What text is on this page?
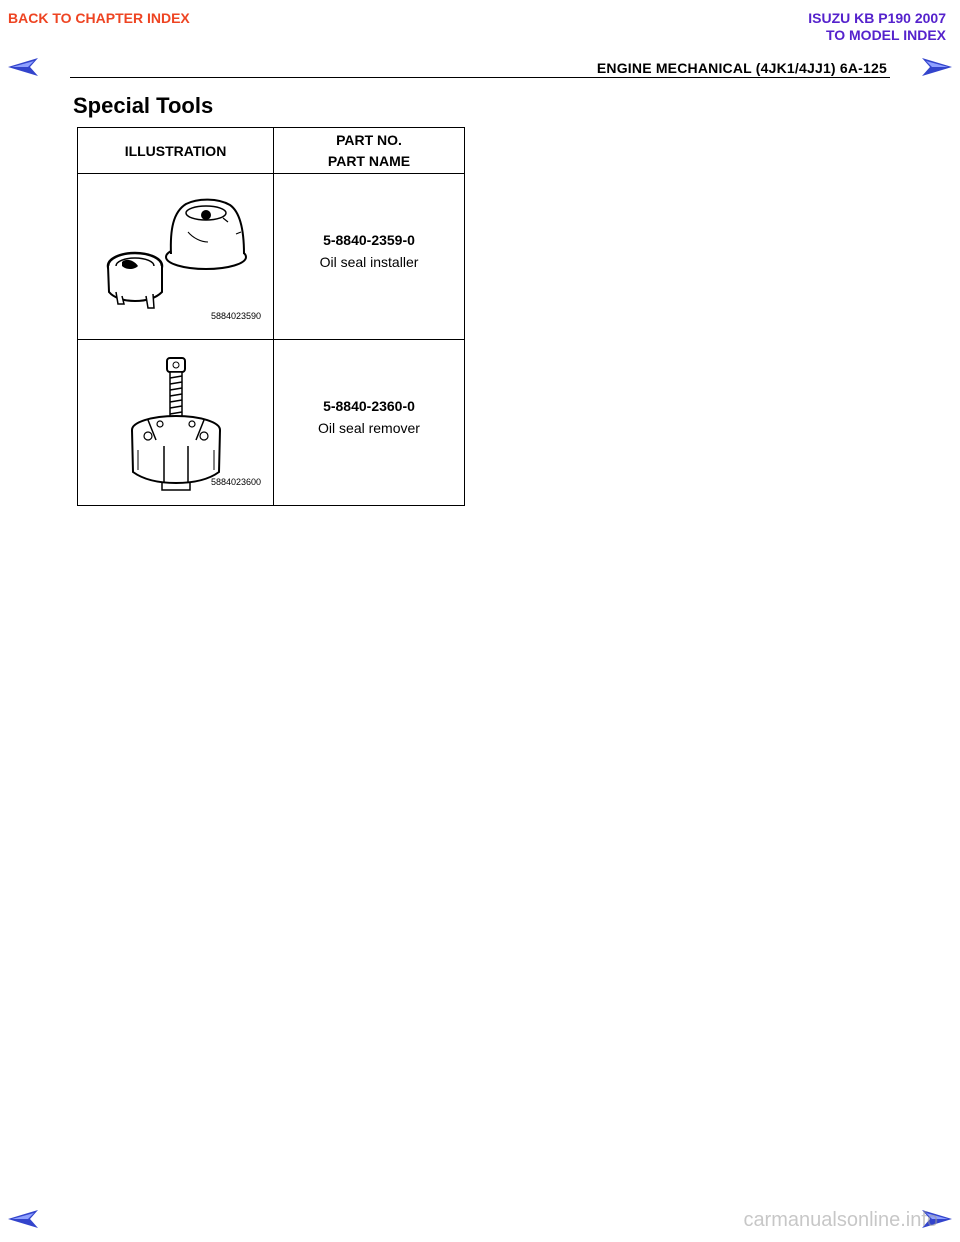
BACK TO CHAPTER INDEX	ISUZU KB P190 2007
TO MODEL INDEX
ENGINE MECHANICAL (4JK1/4JJ1) 6A-125
Special Tools
ILLUSTRATION	PART NO.
PART NAME

5884023590	5-8840-2359-0
Oil seal installer

5884023600	5-8840-2360-0
Oil seal remover
carmanualsonline.info
